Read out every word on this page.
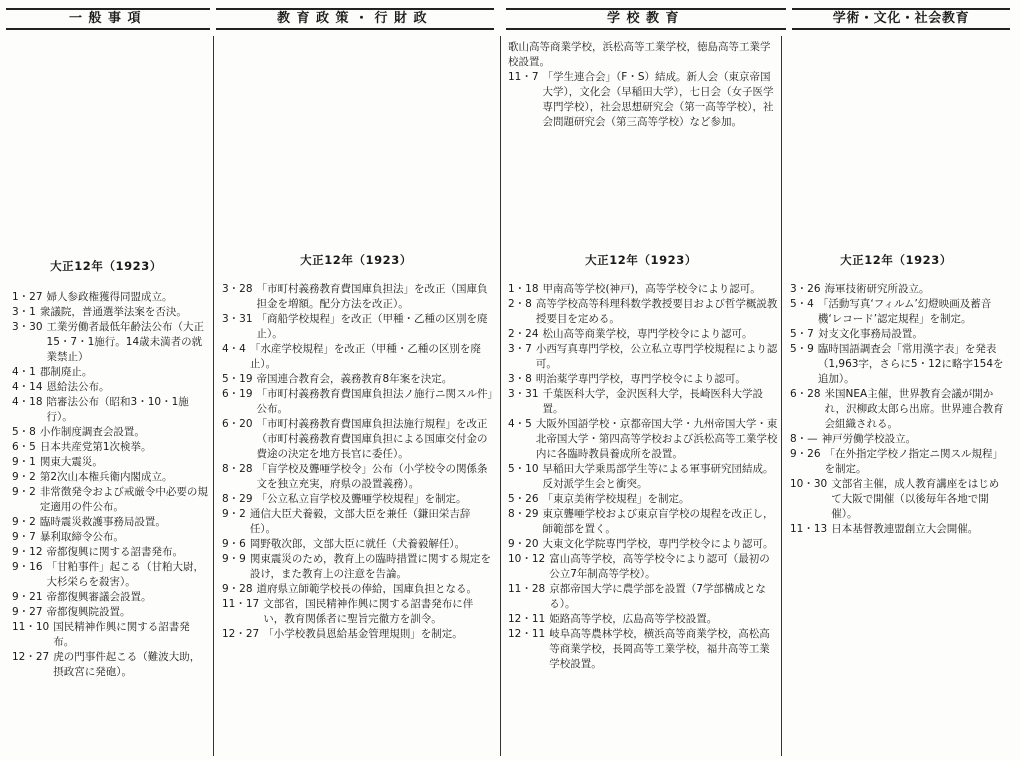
一般事項	教育政策・行財政	学校教育	学術・文化・社会教育
歌山高等商業学校，浜松高等工業学校，徳島高等工業学校設置。
11・7 「学生連合会」（F・S）結成。新人会（東京帝国大学），文化会（早稲田大学），七日会（女子医学専門学校），社会思想研究会（第一高等学校），社会問題研究会（第三高等学校）など参加。
大正12年（1923）	大正12年（1923）	大正12年（1923）	大正12年（1923）
1・27 婦人参政権獲得同盟成立。
3・1 衆議院，普通選挙法案を否決。
3・30 工業労働者最低年齢法公布（大正15・7・1施行。14歳未満者の就業禁止）
4・1 郡制廃止。
4・14 恩給法公布。
4・18 陪審法公布（昭和3・10・1施行）。
5・8 小作制度調査会設置。
6・5 日本共産党第1次検挙。
9・1 関東大震災。
9・2 第2次山本権兵衛内閣成立。
9・2 非常徴発令および戒厳令中必要の規定適用の件公布。
9・2 臨時震災救護事務局設置。
9・7 暴利取締令公布。
9・12 帝都復興に関する詔書発布。
9・16 「甘粕事件」起こる（甘粕大尉，大杉栄らを殺害）。
9・21 帝都復興審議会設置。
9・27 帝都復興院設置。
11・10 国民精神作興に関する詔書発布。
12・27 虎の門事件起こる（難波大助，摂政宮に発砲）。
3・28 「市町村義務教育費国庫負担法」を改正（国庫負担金を増額。配分方法を改正）。
3・31 「商船学校規程」を改正（甲種・乙種の区別を廃止）。
4・4 「水産学校規程」を改正（甲種・乙種の区別を廃止）。
5・19 帝国連合教育会，義務教育8年案を決定。
6・19 「市町村義務教育費国庫負担法ノ施行ニ関スル件」公布。
6・20 「市町村義務教育費国庫負担法施行規程」を改正（市町村義務教育費国庫負担による国庫交付金の費途の決定を地方長官に委任）。
8・28 「盲学校及聾唖学校令」公布（小学校令の関係条文を独立充実，府県の設置義務）。
8・29 「公立私立盲学校及聾唖学校規程」を制定。
9・2 通信大臣犬養毅，文部大臣を兼任（鎌田栄吉辞任）。
9・6 岡野敬次郎，文部大臣に就任（犬養毅解任）。
9・9 関東震災のため，教育上の臨時措置に関する規定を設け，また教育上の注意を告論。
9・28 道府県立師範学校長の俸給，国庫負担となる。
11・17 文部省，国民精神作興に関する詔書発布に伴い，教育関係者に聖旨完徹方を訓令。
12・27 「小学校教員恩給基金管理規則」を制定。
1・18 甲南高等学校(神戸)，高等学校令により認可。
2・8 高等学校高等科理科数学教授要目および哲学概説教授要目を定める。
2・24 松山高等商業学校，専門学校令により認可。
3・7 小西写真専門学校，公立私立専門学校規程により認可。
3・8 明治薬学専門学校，専門学校令により認可。
3・31 千葉医科大学，金沢医科大学，長崎医科大学設置。
4・5 大阪外国語学校・京都帝国大学・九州帝国大学・東北帝国大学・第四高等学校および浜松高等工業学校内に各臨時教員養成所を設置。
5・10 早稲田大学乗馬部学生等による軍事研究団結成。反対派学生会と衝突。
5・26 「東京美術学校規程」を制定。
8・29 東京聾唖学校および東京盲学校の規程を改正し，師範部を置く。
9・20 大東文化学院専門学校，専門学校令により認可。
10・12 富山高等学校，高等学校令により認可（最初の公立7年制高等学校）。
11・28 京都帝国大学に農学部を設置（7学部構成となる）。
12・11 姫路高等学校，広島高等学校設置。
12・11 岐阜高等農林学校，横浜高等商業学校，高松高等商業学校，長岡高等工業学校，福井高等工業学校設置。
3・26 海軍技術研究所設立。
5・4 「活動写真‘フィルム’幻燈映画及蓄音機‘レコード’認定規程」を制定。
5・7 対支文化事務局設置。
5・9 臨時国語調査会「常用漢字表」を発表（1,963字，さらに5・12に略字154を追加）。
6・28 米国NEA主催，世界教育会議が開かれ，沢柳政太郎ら出席。世界連合教育会組織される。
8・— 神戸労働学校設立。
9・26 「在外指定学校ノ指定ニ関スル規程」を制定。
10・30 文部省主催，成人教育講座をはじめて大阪で開催（以後毎年各地で開催）。
11・13 日本基督教連盟創立大会開催。
